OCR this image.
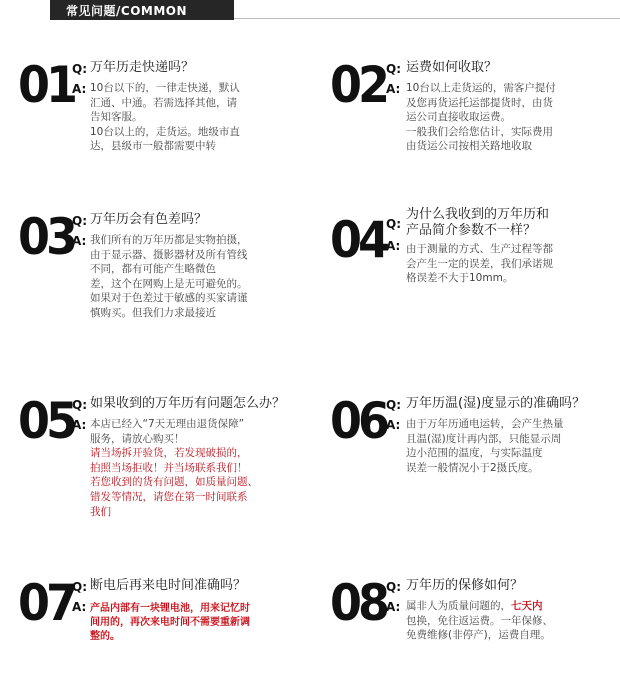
常见问题/COMMON
01
Q:
A:
万年历走快递吗？
10台以下的，一律走快递，默认
汇通、中通。若需选择其他，请
告知客服。
10台以上的，走货运。地级市直
达，县级市一般都需要中转
02 Q:
A:
运费如何收取？
10台以上走货运的，需客户提付
及您再货运托运部提货时，由货
运公司直接收取运费。
一般我们会给您估计，实际费用
由货运公司按相关路地收取
03
Q:
A:
万年历会有色差吗？
我们所有的万年历都是实物拍摄，
由于显示器、摄影器材及所有管线
不同，都有可能产生略微色
差，这个在网购上是无可避免的。
如果对于色差过于敏感的买家请谨
慎购买。但我们力求最接近
04 Q:
A:
为什么我收到的万年历和
产品简介参数不一样？
由于测量的方式、生产过程等都
会产生一定的误差，我们承诺规
格误差不大于10mm。
05
Q:
A:
如果收到的万年历有问题怎么办？
本店已经入“7天无理由退货保障”
服务，请放心购买！
请当场拆开验货，若发现破损的，
拍照当场拒收！并当场联系我们！
若您收到的货有问题，如质量问题、
错发等情况，请您在第一时间联系
我们
06 Q:
A:
万年历温(湿)度显示的准确吗？
由于万年历通电运转，会产生热量
且温(湿)度计再内部，只能显示周
边小范围的温度，与实际温度
误差一般情况小于2摄氏度。
07
Q:
A:
断电后再来电时间准确吗？
产品内部有一块锂电池，用来记忆时
间用的，再次来电时间不需要重新调
整的。
08 Q:
A:
万年历的保修如何？
属非人为质量问题的，七天内
包换，免往返运费。一年保修、
免费维修(非停产)，运费自理。
